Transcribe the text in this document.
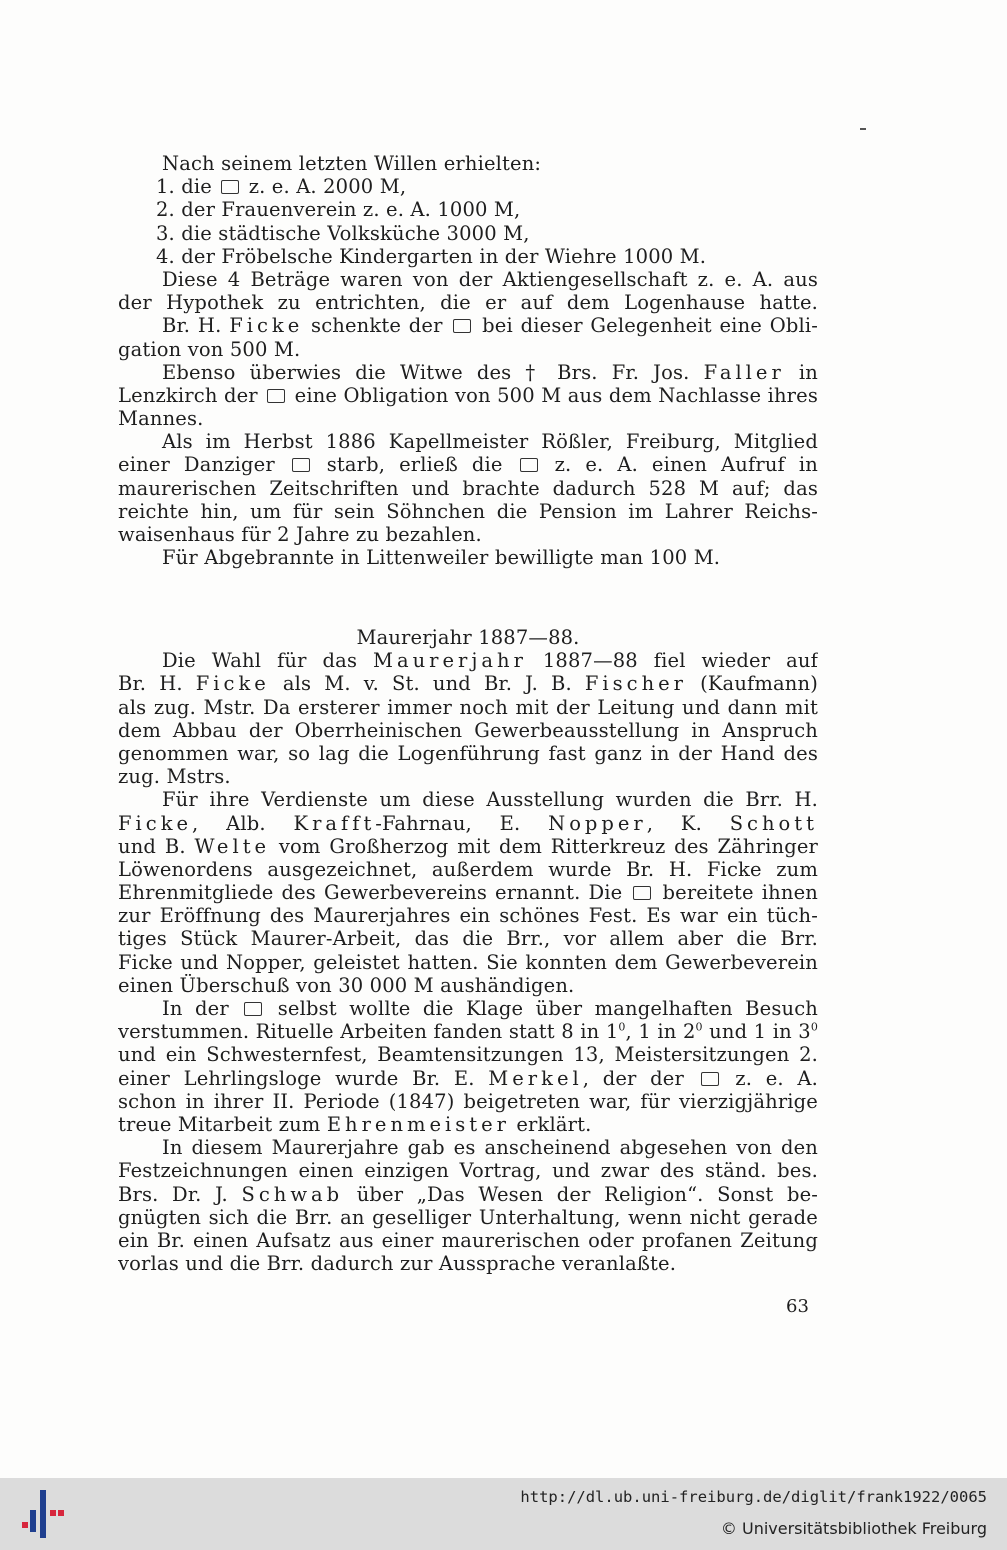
Nach seinem letzten Willen erhielten:
1. die z. e. A. 2000 M,
2. der Frauenverein z. e. A. 1000 M,
3. die städtische Volksküche 3000 M,
4. der Fröbelsche Kindergarten in der Wiehre 1000 M.
Diese 4 Beträge waren von der Aktiengesellschaft z. e. A. aus
der Hypothek zu entrichten, die er auf dem Logenhause hatte.
Br. H. Ficke schenkte der bei dieser Gelegenheit eine Obli-
gation von 500 M.
Ebenso überwies die Witwe des † Brs. Fr. Jos. Faller in
Lenzkirch der eine Obligation von 500 M aus dem Nachlasse ihres
Mannes.
Als im Herbst 1886 Kapellmeister Rößler, Freiburg, Mitglied
einer Danziger	starb, erließ die	z. e. A. einen Aufruf in
maurerischen Zeitschriften und brachte dadurch 528 M auf; das
reichte hin, um für sein Söhnchen die Pension im Lahrer Reichs-
waisenhaus für 2 Jahre zu bezahlen.
Für Abgebrannte in Littenweiler bewilligte man 100 M.
Maurerjahr 1887—88.
Die Wahl für das Maurerjahr 1887—88 fiel wieder auf
Br. H. Ficke als M. v. St. und Br. J. B. Fischer (Kaufmann)
als zug. Mstr. Da ersterer immer noch mit der Leitung und dann mit
dem Abbau der Oberrheinischen Gewerbeausstellung in Anspruch
genommen war, so lag die Logenführung fast ganz in der Hand des
zug. Mstrs.
Für ihre Verdienste um diese Ausstellung wurden die Brr. H.
Ficke, Alb. Krafft-Fahrnau, E. Nopper, K. Schott
und B. Welte vom Großherzog mit dem Ritterkreuz des Zähringer
Löwenordens ausgezeichnet, außerdem wurde Br. H. Ficke zum
Ehrenmitgliede des Gewerbevereins ernannt. Die bereitete ihnen
zur Eröffnung des Maurerjahres ein schönes Fest. Es war ein tüch-
tiges Stück Maurer-Arbeit, das die Brr., vor allem aber die Brr.
Ficke und Nopper, geleistet hatten. Sie konnten dem Gewerbeverein
einen Überschuß von 30 000 M aushändigen.
In der	selbst wollte die Klage über mangelhaften Besuch
verstummen. Rituelle Arbeiten fanden statt 8 in $1^0$, 1 in $2^0$ und 1 in $3^0$
und ein Schwesternfest, Beamtensitzungen 13, Meistersitzungen 2.
einer Lehrlingsloge wurde Br. E. Merkel, der der	z. e. A.
schon in ihrer II. Periode (1847) beigetreten war, für vierzigjährige
treue Mitarbeit zum Ehrenmeister erklärt.
In diesem Maurerjahre gab es anscheinend abgesehen von den
Festzeichnungen einen einzigen Vortrag, und zwar des ständ. bes.
Brs. Dr. J. Schwab über „Das Wesen der Religion“. Sonst be-
gnügten sich die Brr. an geselliger Unterhaltung, wenn nicht gerade
ein Br. einen Aufsatz aus einer maurerischen oder profanen Zeitung
vorlas und die Brr. dadurch zur Aussprache veranlaßte.
63
http://dl.ub.uni-freiburg.de/diglit/frank1922/0065
© Universitätsbibliothek Freiburg
